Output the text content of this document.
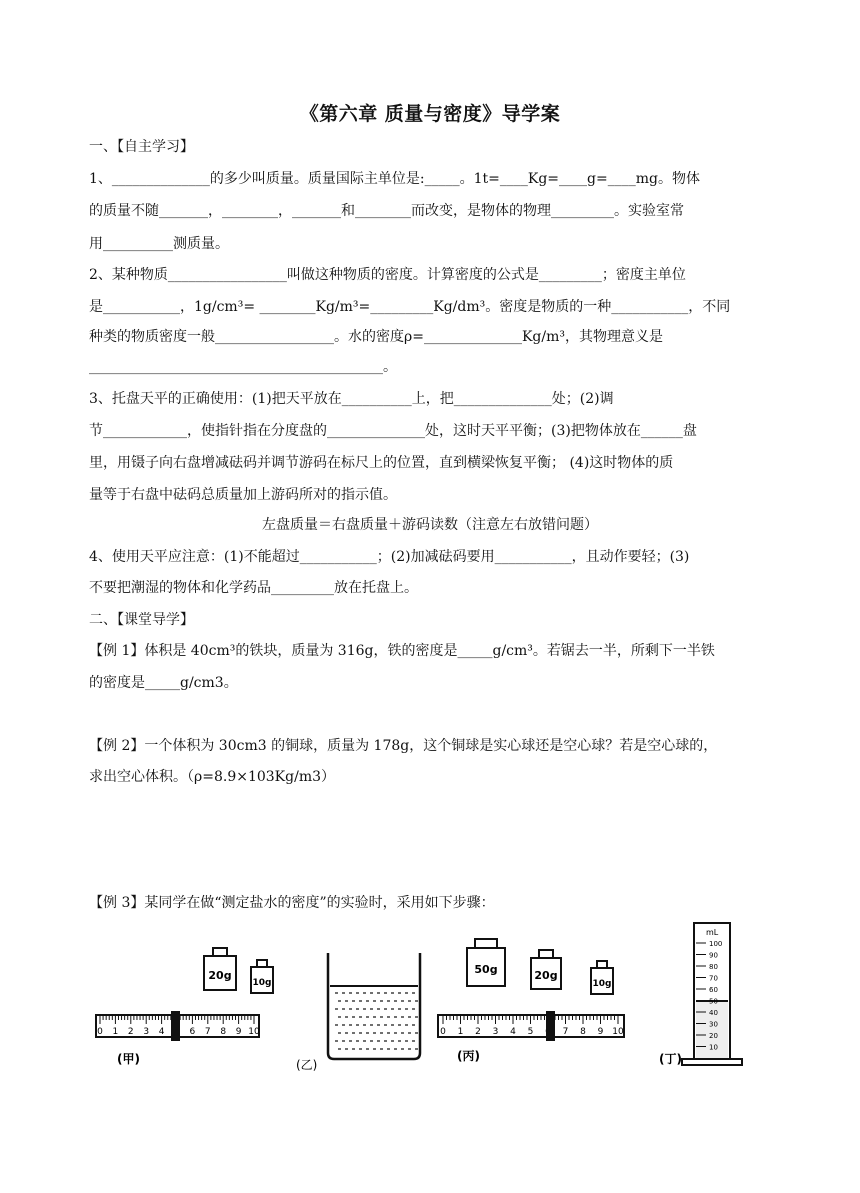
《第六章 质量与密度》导学案
一、【自主学习】
1、______________的多少叫质量。质量国际主单位是:_____。1t=____Kg=____g=____mg。物体
的质量不随_______，________，_______和________而改变，是物体的物理_________。实验室常
用__________测质量。
2、某种物质_________________叫做这种物质的密度。计算密度的公式是_________；密度主单位
是___________，1g/cm³= ________Kg/m³=_________Kg/dm³。密度是物质的一种___________，不同
种类的物质密度一般_________________。水的密度ρ=______________Kg/m³，其物理意义是
__________________________________________。
3、托盘天平的正确使用：(1)把天平放在__________上，把______________处；(2)调
节____________，使指针指在分度盘的______________处，这时天平平衡；(3)把物体放在______盘
里，用镊子向右盘增减砝码并调节游码在标尺上的位置，直到横梁恢复平衡； (4)这时物体的质
量等于右盘中砝码总质量加上游码所对的指示值。
左盘质量＝右盘质量＋游码读数（注意左右放错问题）
4、使用天平应注意：(1)不能超过___________；(2)加减砝码要用___________，且动作要轻；(3)
不要把潮湿的物体和化学药品_________放在托盘上。
二、【课堂导学】
【例 1】体积是 40cm³的铁块，质量为 316g，铁的密度是_____g/cm³。若锯去一半，所剩下一半铁
的密度是_____g/cm3。
【例 2】一个体积为 30cm3 的铜球，质量为 178g，这个铜球是实心球还是空心球？若是空心球的，
求出空心体积。（ρ=8.9×103Kg/m3）
【例 3】某同学在做“测定盐水的密度”的实验时，采用如下步骤：
20g
10g
0 1 2 3 4	6 7 8 9 10
(甲)	(乙)
50g	20g
10g
0 1 2 3 4 5	7 8 9 10
(丙)
mL
100
90
80
70
60
50
40
30
20
10
(丁)
